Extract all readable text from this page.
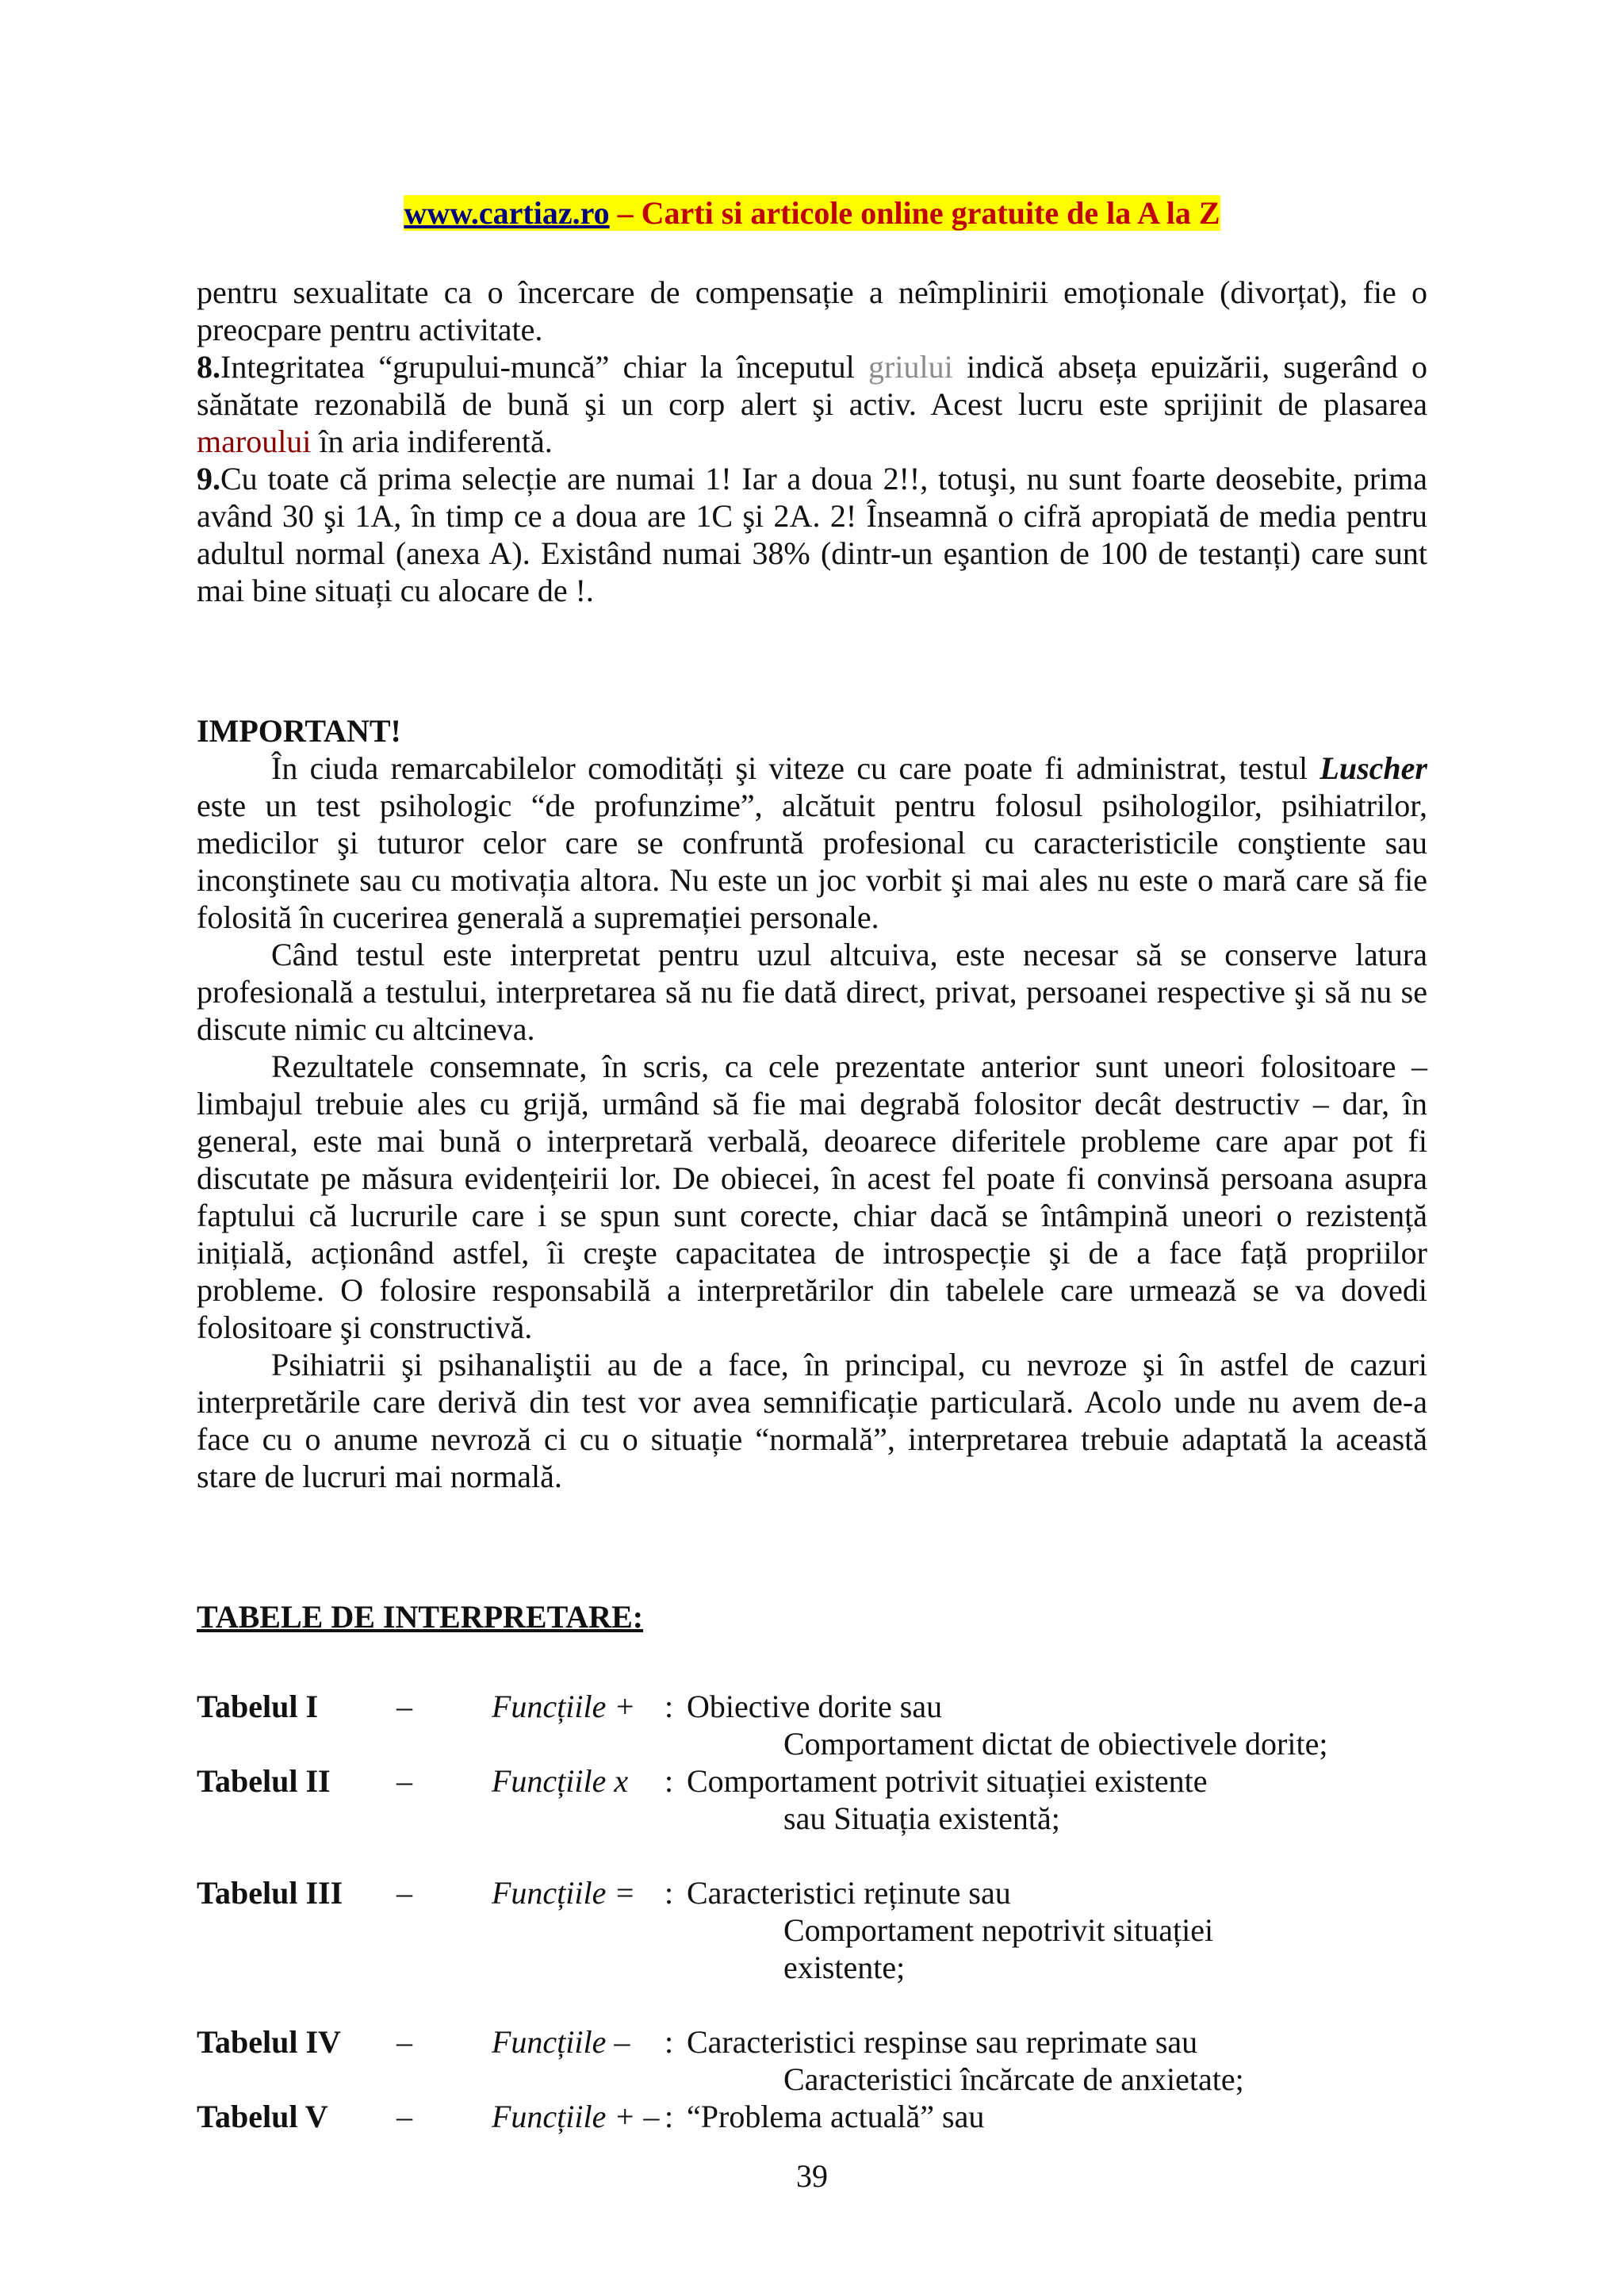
www.cartiaz.ro – Carti si articole online gratuite de la A la Z

pentru sexualitate ca o încercare de compensație a neîmplinirii emoționale (divorțat), fie o preocpare pentru activitate.

8.Integritatea “grupului-muncă” chiar la începutul griului indică abseța epuizării, sugerând o sănătate rezonabilă de bună şi un corp alert şi activ. Acest lucru este sprijinit de plasarea maroului în aria indiferentă.

9.Cu toate că prima selecție are numai 1! Iar a doua 2!!, totuşi, nu sunt foarte deosebite, prima având 30 şi 1A, în timp ce a doua are 1C şi 2A. 2! Înseamnă o cifră apropiată de media pentru adultul normal (anexa A). Existând numai 38% (dintr-un eşantion de 100 de testanți) care sunt mai bine situați cu alocare de !.

IMPORTANT!

În ciuda remarcabilelor comodități şi viteze cu care poate fi administrat, testul Luscher este un test psihologic “de profunzime”, alcătuit pentru folosul psihologilor, psihiatrilor, medicilor şi tuturor celor care se confruntă profesional cu caracteristicile conştiente sau inconştinete sau cu motivația altora. Nu este un joc vorbit şi mai ales nu este o mară care să fie folosită în cucerirea generală a supremației personale.

Când testul este interpretat pentru uzul altcuiva, este necesar să se conserve latura profesională a testului, interpretarea să nu fie dată direct, privat, persoanei respective şi să nu se discute nimic cu altcineva.

Rezultatele consemnate, în scris, ca cele prezentate anterior sunt uneori folositoare – limbajul trebuie ales cu grijă, urmând să fie mai degrabă folositor decât destructiv – dar, în general, este mai bună o interpretară verbală, deoarece diferitele probleme care apar pot fi discutate pe măsura evidențeirii lor. De obiecei, în acest fel poate fi convinsă persoana asupra faptului că lucrurile care i se spun sunt corecte, chiar dacă se întâmpină uneori o rezistență inițială, acționând astfel, îi creşte capacitatea de introspecție şi de a face față propriilor probleme. O folosire responsabilă a interpretărilor din tabelele care urmează se va dovedi folositoare şi constructivă.

Psihiatrii şi psihanaliştii au de a face, în principal, cu nevroze şi în astfel de cazuri interpretările care derivă din test vor avea semnificație particulară. Acolo unde nu avem de-a face cu o anume nevroză ci cu o situație “normală”, interpretarea trebuie adaptată la această stare de lucruri mai normală.

TABELE DE INTERPRETARE:

Tabelul I –	Funcțiile + : Obiective dorite sau
Comportament dictat de obiectivele dorite;
Tabelul II –	Funcțiile x : Comportament potrivit situației existente
sau Situația existentă;
Tabelul III –	Funcțiile = : Caracteristici reținute sau
Comportament nepotrivit situației
existente;
Tabelul IV –	Funcțiile – : Caracteristici respinse sau reprimate sau
Caracteristici încărcate de anxietate;
Tabelul V –	Funcțiile + – : “Problema actuală” sau
39
